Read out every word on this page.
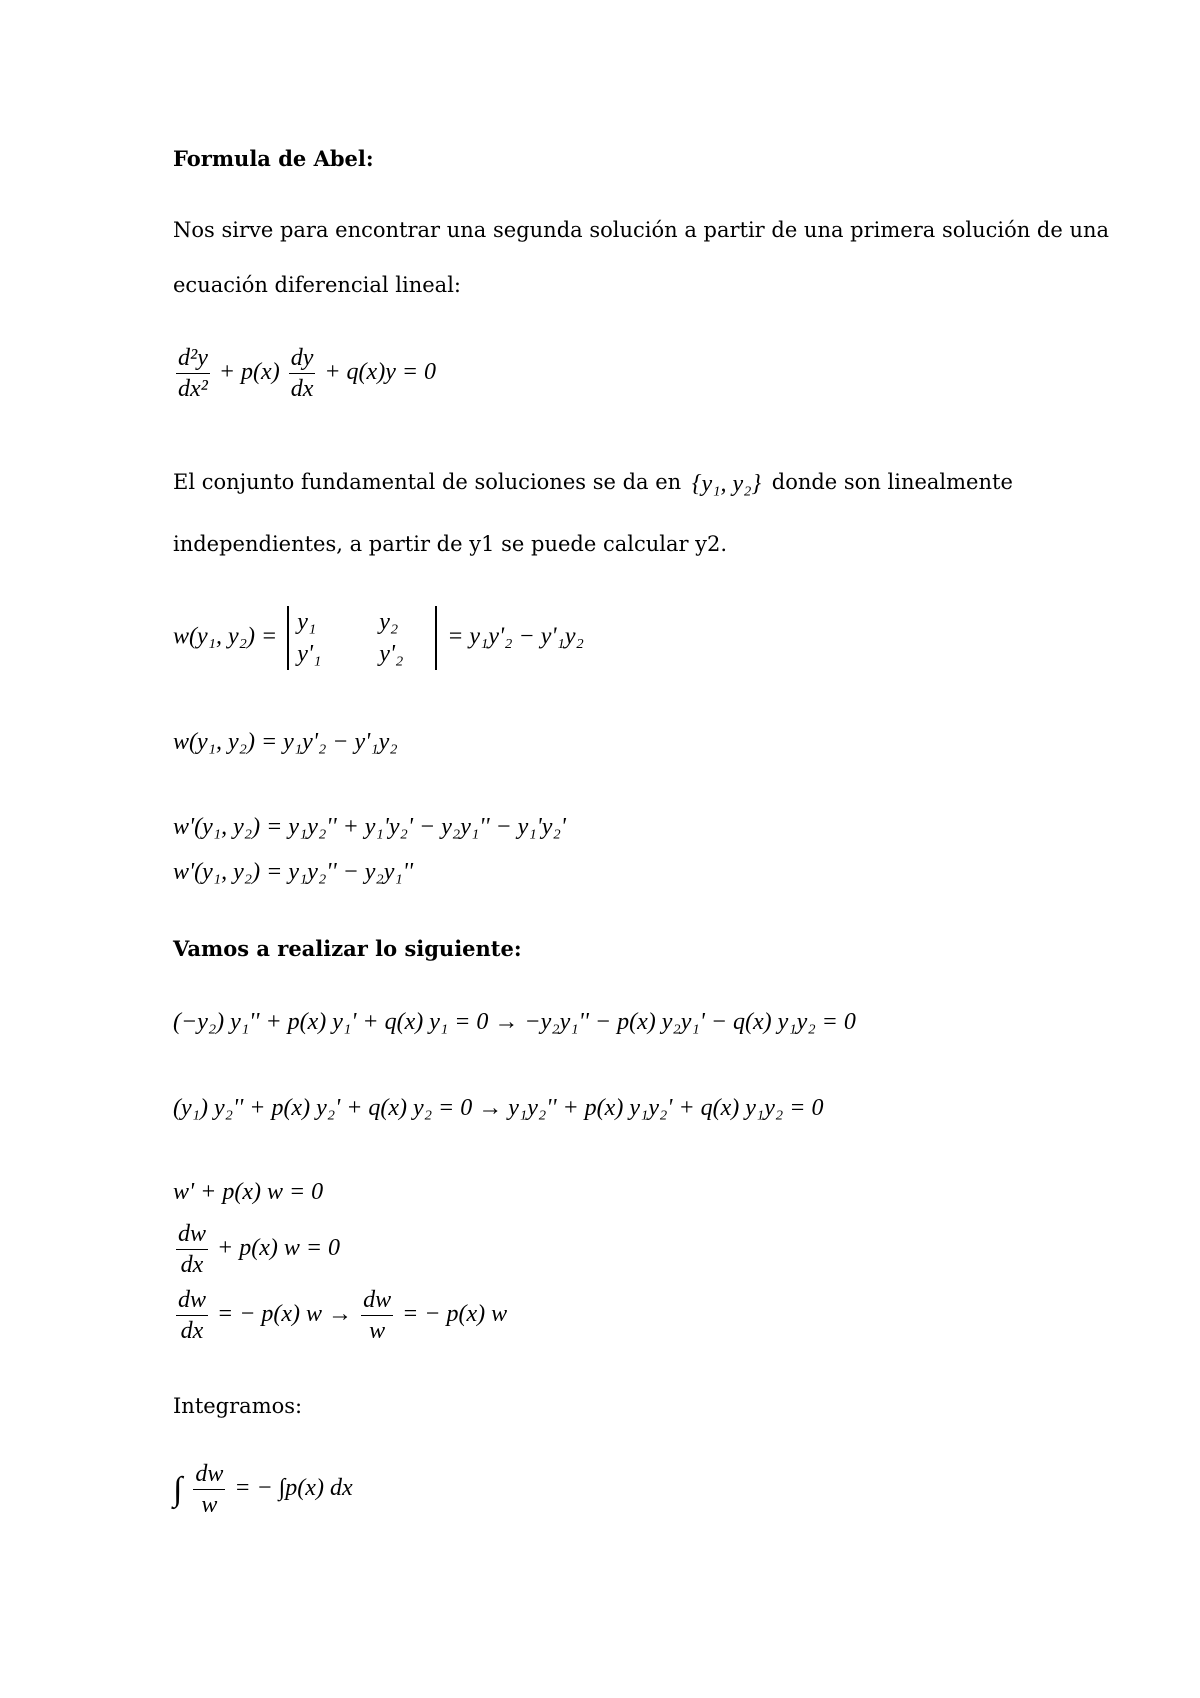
Formula de Abel:
Nos sirve para encontrar una segunda solución a partir de una primera solución de una
ecuación diferencial lineal:
$\frac{\text{d²y}}{\text{dx²}} + p(x) \frac{dy}{dx} + q(x)y = 0$
El conjunto fundamental de soluciones se da en {y₁, y₂} donde son linealmente
independientes, a partir de y1 se puede calcular y2.
w(y₁, y₂) =
y₁	y₂
y'₁	y'₂
= y₁y'₂ − y'₁y₂
w(y₁, y₂) = y₁y'₂ − y'₁y₂
w'(y₁, y₂) = y₁y₂'' + y₁'y₂' − y₂y₁'' − y₁'y₂'
w'(y₁, y₂) = y₁y₂'' − y₂y₁''
Vamos a realizar lo siguiente:
(−y₂) y₁'' + p(x) y₁' + q(x) y₁ = 0 → −y₂y₁'' − p(x) y₂y₁' − q(x) y₁y₂ = 0
(y₁) y₂'' + p(x) y₂' + q(x) y₂ = 0 → y₁y₂'' + p(x) y₁y₂' + q(x) y₁y₂ = 0
w' + p(x) w = 0
$\frac{dw}{dx} + p(x) w = 0$
$\frac{dw}{dx}$ = − p(x) $w \to \frac{dw}{w}$ = − p(x) w
Integramos:
∫ $\frac{dw}{w}$ = − ∫p(x) dx
